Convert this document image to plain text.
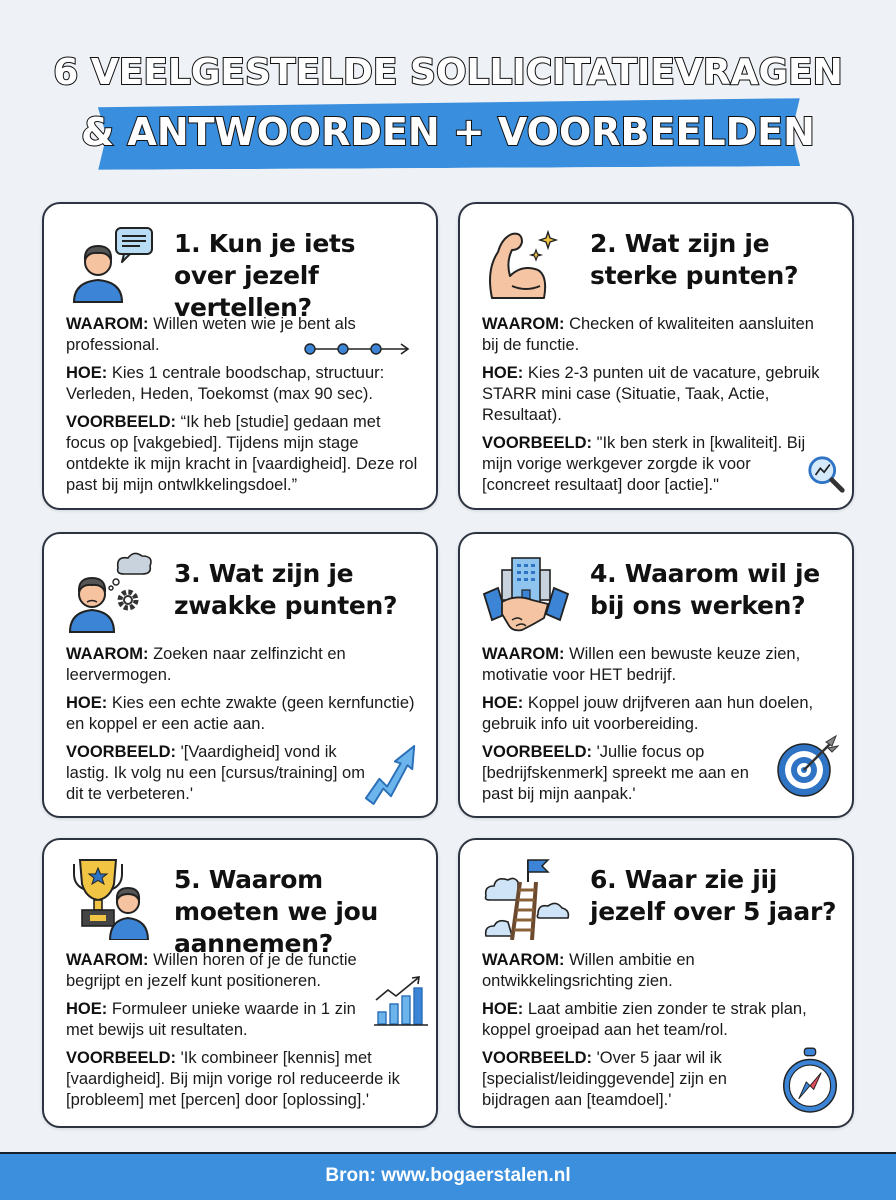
6 VEELGESTELDE SOLLICITATIEVRAGEN
& ANTWOORDEN + VOORBEELDEN
1. Kun je iets over jezelf vertellen?

WAAROM: Willen weten wie je bent als professional.

HOE: Kies 1 centrale boodschap, structuur: Verleden, Heden, Toekomst (max 90 sec).

VOORBEELD: “Ik heb [studie] gedaan met focus op [vakgebied]. Tijdens mijn stage ontdekte ik mijn kracht in [vaardigheid]. Deze rol past bij mijn ontwlkkelingsdoel.”

2. Wat zijn je sterke punten?

WAAROM: Checken of kwaliteiten aansluiten bij de functie.

HOE: Kies 2-3 punten uit de vacature, gebruik STARR mini case (Situatie, Taak, Actie, Resultaat).

VOORBEELD: "Ik ben sterk in [kwaliteit]. Bij mijn vorige werkgever zorgde ik voor [concreet resultaat] door [actie]."

3. Wat zijn je zwakke punten?

WAAROM: Zoeken naar zelfinzicht en leervermogen.

HOE: Kies een echte zwakte (geen kernfunctie) en koppel er een actie aan.

VOORBEELD: '[Vaardigheid] vond ik lastig. Ik volg nu een [cursus/training] om dit te verbeteren.'

4. Waarom wil je bij ons werken?

WAAROM: Willen een bewuste keuze zien, motivatie voor HET bedrijf.

HOE: Koppel jouw drijfveren aan hun doelen, gebruik info uit voorbereiding.

VOORBEELD: 'Jullie focus op [bedrijfskenmerk] spreekt me aan en past bij mijn aanpak.'

5. Waarom moeten we jou aannemen?

WAAROM: Willen horen of je de functie begrijpt en jezelf kunt positioneren.

HOE: Formuleer unieke waarde in 1 zin met bewijs uit resultaten.

VOORBEELD: 'Ik combineer [kennis] met [vaardigheid]. Bij mijn vorige rol reduceerde ik [probleem] met [percen] door [oplossing].'

6. Waar zie jij jezelf over 5 jaar?

WAAROM: Willen ambitie en ontwikkelingsrichting zien.

HOE: Laat ambitie zien zonder te strak plan, koppel groeipad aan het team/rol.

VOORBEELD: 'Over 5 jaar wil ik [specialist/leidinggevende] zijn en bijdragen aan [teamdoel].'

Bron: www.bogaerstalen.nl
